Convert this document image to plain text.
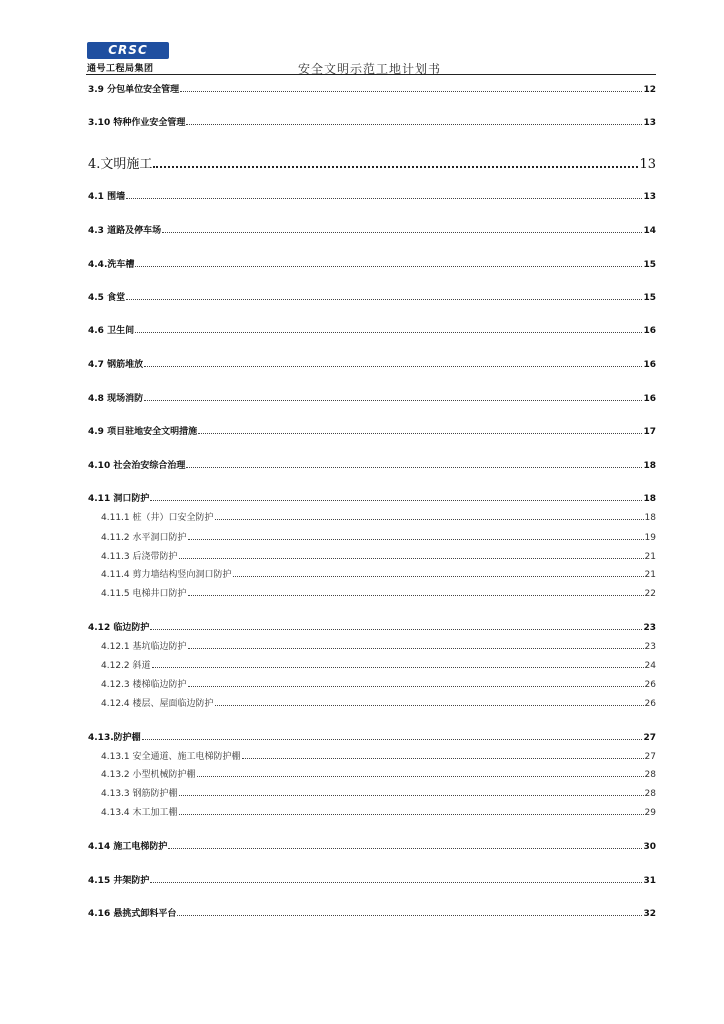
CRSC
通号工程局集团	安全文明示范工地计划书
3.9 分包单位安全管理	12
3.10 特种作业安全管理	13
4.文明施工	13
4.1 围墙	13
4.3 道路及停车场	14
4.4.洗车槽	15
4.5 食堂	15
4.6 卫生间	16
4.7 钢筋堆放	16
4.8 现场消防	16
4.9 项目驻地安全文明措施	17
4.10 社会治安综合治理	18
4.11 洞口防护	18
4.11.1 桩（井）口安全防护	18
4.11.2 水平洞口防护	19
4.11.3 后浇带防护	21
4.11.4 剪力墙结构竖向洞口防护	21
4.11.5 电梯井口防护	22
4.12 临边防护	23
4.12.1 基坑临边防护	23
4.12.2 斜道	24
4.12.3 楼梯临边防护	26
4.12.4 楼层、屋面临边防护	26
4.13.防护棚	27
4.13.1 安全通道、施工电梯防护棚	27
4.13.2 小型机械防护棚	28
4.13.3 钢筋防护棚	28
4.13.4 木工加工棚	29
4.14 施工电梯防护	30
4.15 井架防护	31
4.16 悬挑式卸料平台	32
